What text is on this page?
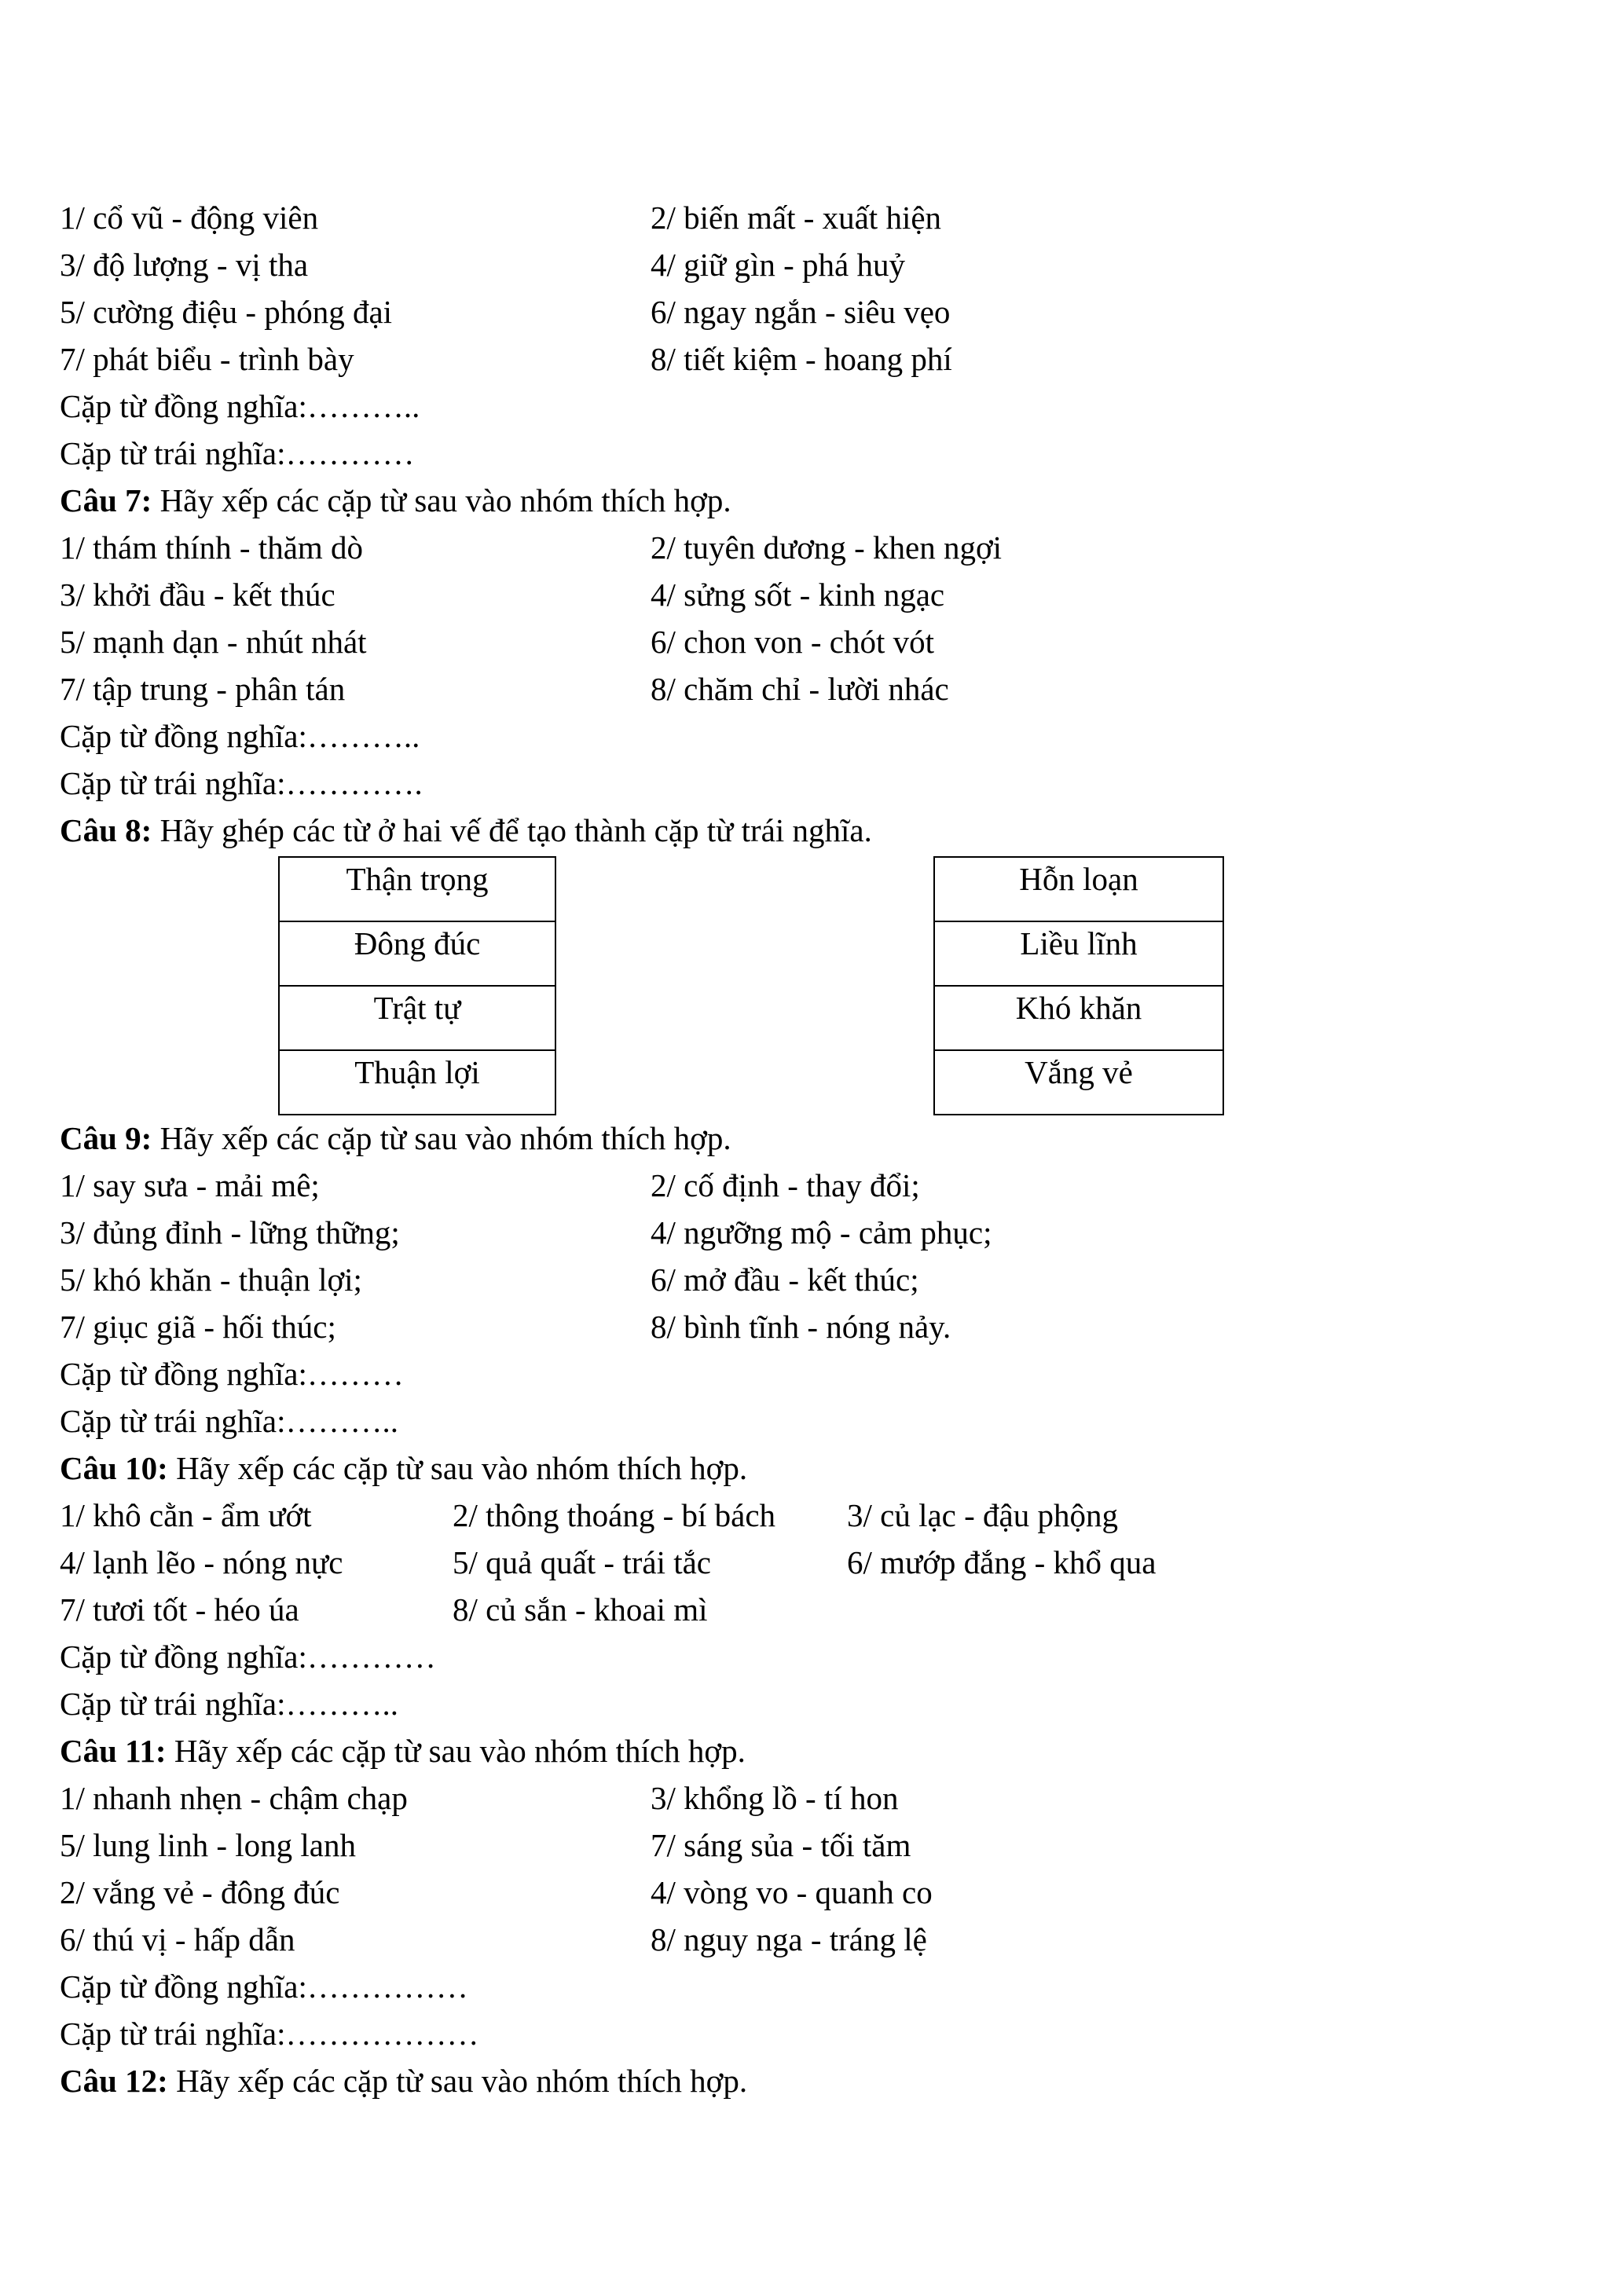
1/ cổ vũ - động viên	2/ biến mất - xuất hiện
3/ độ lượng - vị tha	4/ giữ gìn - phá huỷ
5/ cường điệu - phóng đại	6/ ngay ngắn - siêu vẹo
7/ phát biểu - trình bày	8/ tiết kiệm - hoang phí
Cặp từ đồng nghĩa:………..
Cặp từ trái nghĩa:…………
Câu 7: Hãy xếp các cặp từ sau vào nhóm thích hợp.
1/ thám thính - thăm dò	2/ tuyên dương - khen ngợi
3/ khởi đầu - kết thúc	4/ sửng sốt - kinh ngạc
5/ mạnh dạn - nhút nhát	6/ chon von - chót vót
7/ tập trung - phân tán	8/ chăm chỉ - lười nhác
Cặp từ đồng nghĩa:………..
Cặp từ trái nghĩa:………….
Câu 8: Hãy ghép các từ ở hai vế để tạo thành cặp từ trái nghĩa.
Thận trọng
Đông đúc
Trật tự
Thuận lợi
Hỗn loạn
Liều lĩnh
Khó khăn
Vắng vẻ
Câu 9: Hãy xếp các cặp từ sau vào nhóm thích hợp.
1/ say sưa - mải mê;	2/ cố định - thay đổi;
3/ đủng đỉnh - lững thững;	4/ ngưỡng mộ - cảm phục;
5/ khó khăn - thuận lợi;	6/ mở đầu - kết thúc;
7/ giục giã - hối thúc;	8/ bình tĩnh - nóng nảy.
Cặp từ đồng nghĩa:………
Cặp từ trái nghĩa:………..
Câu 10: Hãy xếp các cặp từ sau vào nhóm thích hợp.
1/ khô cằn - ẩm ướt	2/ thông thoáng - bí bách 3/ củ lạc - đậu phộng
4/ lạnh lẽo - nóng nực	5/ quả quất - trái tắc	6/ mướp đắng - khổ qua
7/ tươi tốt - héo úa	8/ củ sắn - khoai mì
Cặp từ đồng nghĩa:…………
Cặp từ trái nghĩa:………..
Câu 11: Hãy xếp các cặp từ sau vào nhóm thích hợp.
1/ nhanh nhẹn - chậm chạp	3/ khổng lồ - tí hon
5/ lung linh - long lanh	7/ sáng sủa - tối tăm
2/ vắng vẻ - đông đúc	4/ vòng vo - quanh co
6/ thú vị - hấp dẫn	8/ nguy nga - tráng lệ
Cặp từ đồng nghĩa:……………
Cặp từ trái nghĩa:………………
Câu 12: Hãy xếp các cặp từ sau vào nhóm thích hợp.
